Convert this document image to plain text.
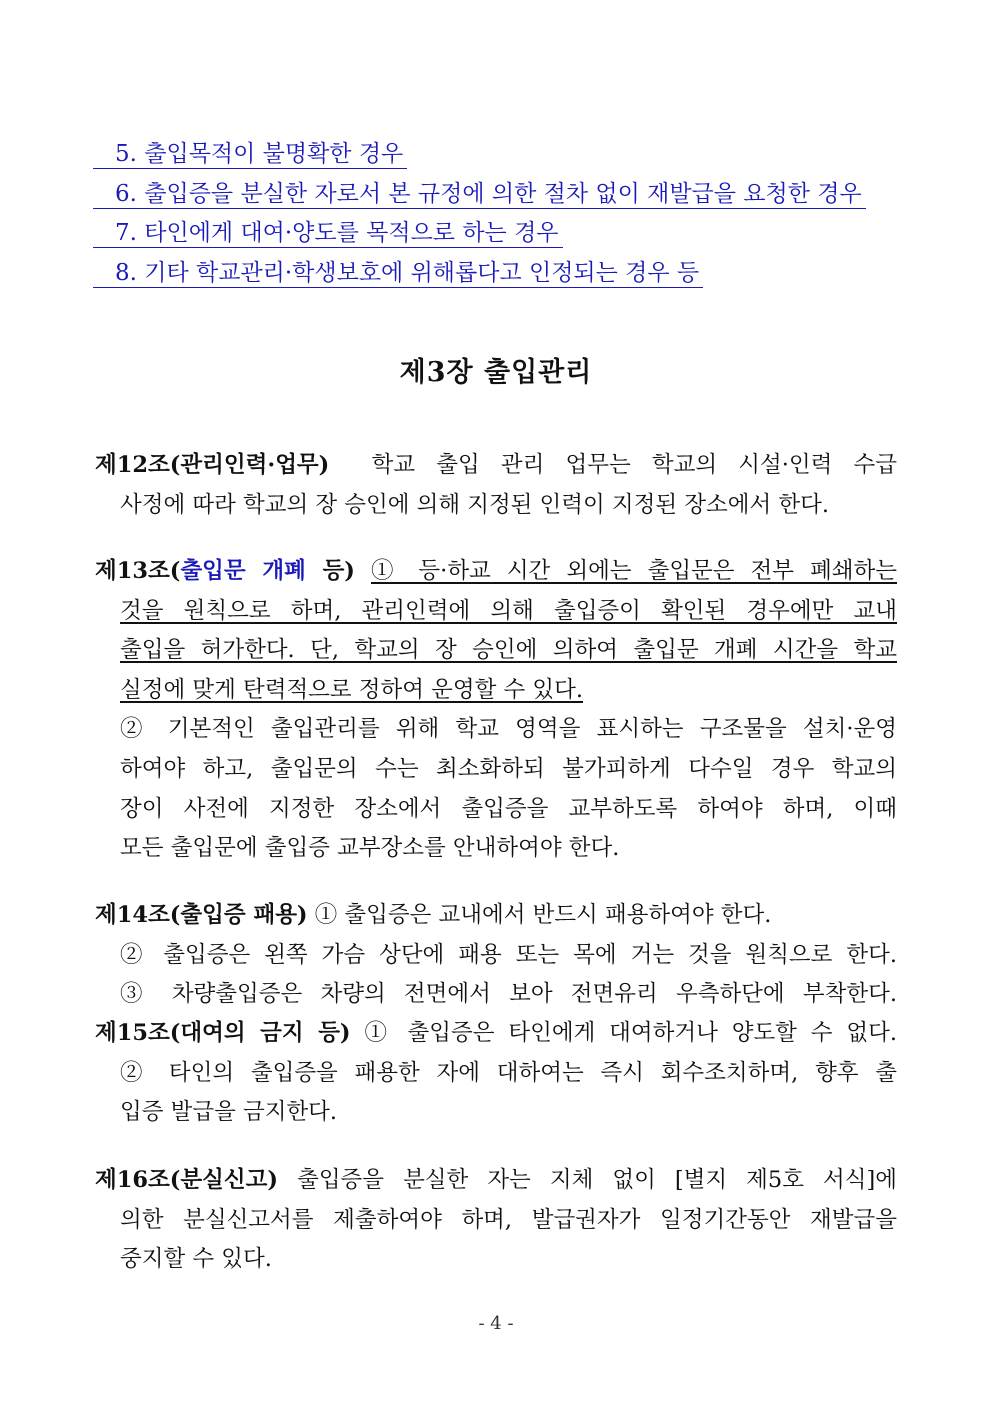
5. 출입목적이 불명확한 경우
6. 출입증을 분실한 자로서 본 규정에 의한 절차 없이 재발급을 요청한 경우
7. 타인에게 대여·양도를 목적으로 하는 경우
8. 기타 학교관리·학생보호에 위해롭다고 인정되는 경우 등
제3장 출입관리
제12조(관리인력·업무) 학교 출입 관리 업무는 학교의 시설·인력 수급
사정에 따라 학교의 장 승인에 의해 지정된 인력이 지정된 장소에서 한다.
제13조(출입문 개폐 등) ① 등·하교 시간 외에는 출입문은 전부 폐쇄하는
것을 원칙으로 하며, 관리인력에 의해 출입증이 확인된 경우에만 교내
출입을 허가한다. 단, 학교의 장 승인에 의하여 출입문 개폐 시간을 학교
실정에 맞게 탄력적으로 정하여 운영할 수 있다.
② 기본적인 출입관리를 위해 학교 영역을 표시하는 구조물을 설치·운영
하여야 하고, 출입문의 수는 최소화하되 불가피하게 다수일 경우 학교의
장이 사전에 지정한 장소에서 출입증을 교부하도록 하여야 하며, 이때
모든 출입문에 출입증 교부장소를 안내하여야 한다.
제14조(출입증 패용) ① 출입증은 교내에서 반드시 패용하여야 한다.
② 출입증은 왼쪽 가슴 상단에 패용 또는 목에 거는 것을 원칙으로 한다.
③ 차량출입증은 차량의 전면에서 보아 전면유리 우측하단에 부착한다.
제15조(대여의 금지 등) ① 출입증은 타인에게 대여하거나 양도할 수 없다.
② 타인의 출입증을 패용한 자에 대하여는 즉시 회수조치하며, 향후 출
입증 발급을 금지한다.
제16조(분실신고) 출입증을 분실한 자는 지체 없이 [별지 제5호 서식]에
의한 분실신고서를 제출하여야 하며, 발급권자가 일정기간동안 재발급을
중지할 수 있다.
- 4 -
